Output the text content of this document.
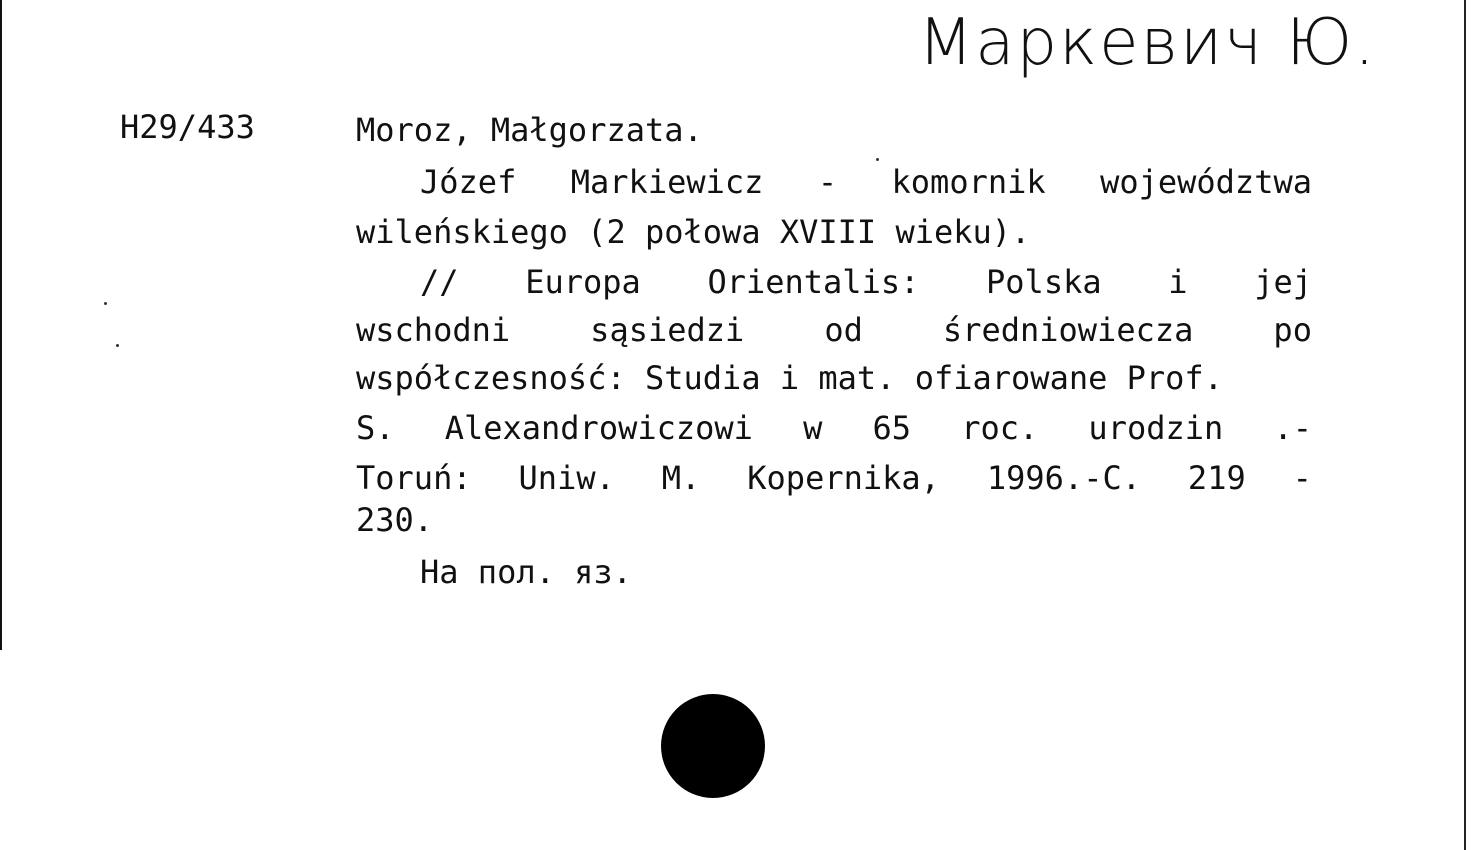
Маркевич Ю.
H29/433	Moroz, Małgorzata.
Józef Markiewicz - komornik województwa
wileńskiego (2 połowa XVIII wieku).
// Europa Orientalis: Polska i jej
wschodni	sąsiedzi	od	średniowiecza	po
współczesność: Studia i mat. ofiarowane Prof.
S. Alexandrowiczowi w 65 roc. urodzin .-
Toruń: Uniw. M. Kopernika, 1996.-С. 219 -
230.
На пол. яз.
